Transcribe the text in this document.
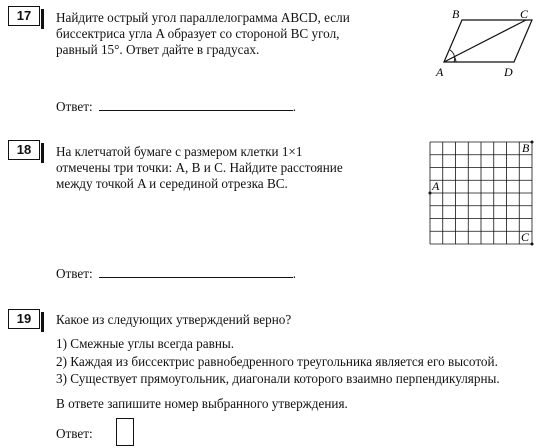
17	Найдите острый угол параллелограмма ABCD, если
биссектриса угла A образует со стороной BC угол,
равный 15°. Ответ дайте в градусах.
B	C
A	D
Ответ:	.
18	На клетчатой бумаге с размером клетки 1×1
отмечены три точки: A, B и C. Найдите расстояние
между точкой A и серединой отрезка BC.
B
A
C
Ответ:	.
19	Какое из следующих утверждений верно?
1) Смежные углы всегда равны.
2) Каждая из биссектрис равнобедренного треугольника является его высотой.
3) Существует прямоугольник, диагонали которого взаимно перпендикулярны.
В ответе запишите номер выбранного утверждения.
Ответ:
